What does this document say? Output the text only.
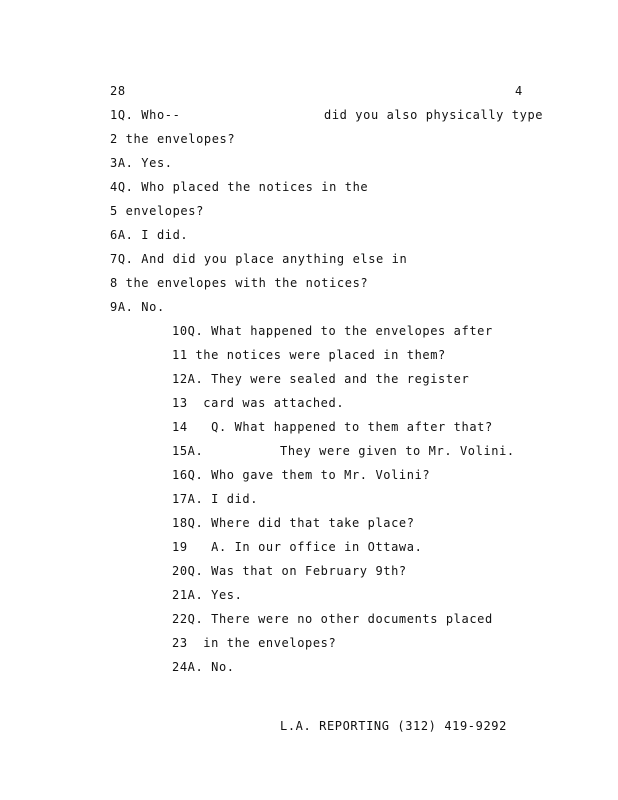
28	4
1Q. Who--	did you also physically type
2 the envelopes?
3A. Yes.
4Q. Who placed the notices in the
5 envelopes?
6A. I did.
7Q. And did you place anything else in
8 the envelopes with the notices?
9A. No.
10Q. What happened to the envelopes after
11 the notices were placed in them?
12A. They were sealed and the register
13  card was attached.
14   Q. What happened to them after that?
15A.	They were given to Mr. Volini.
16Q. Who gave them to Mr. Volini?
17A. I did.
18Q. Where did that take place?
19   A. In our office in Ottawa.
20Q. Was that on February 9th?
21A. Yes.
22Q. There were no other documents placed
23  in the envelopes?
24A. No.
L.A. REPORTING (312) 419-9292
